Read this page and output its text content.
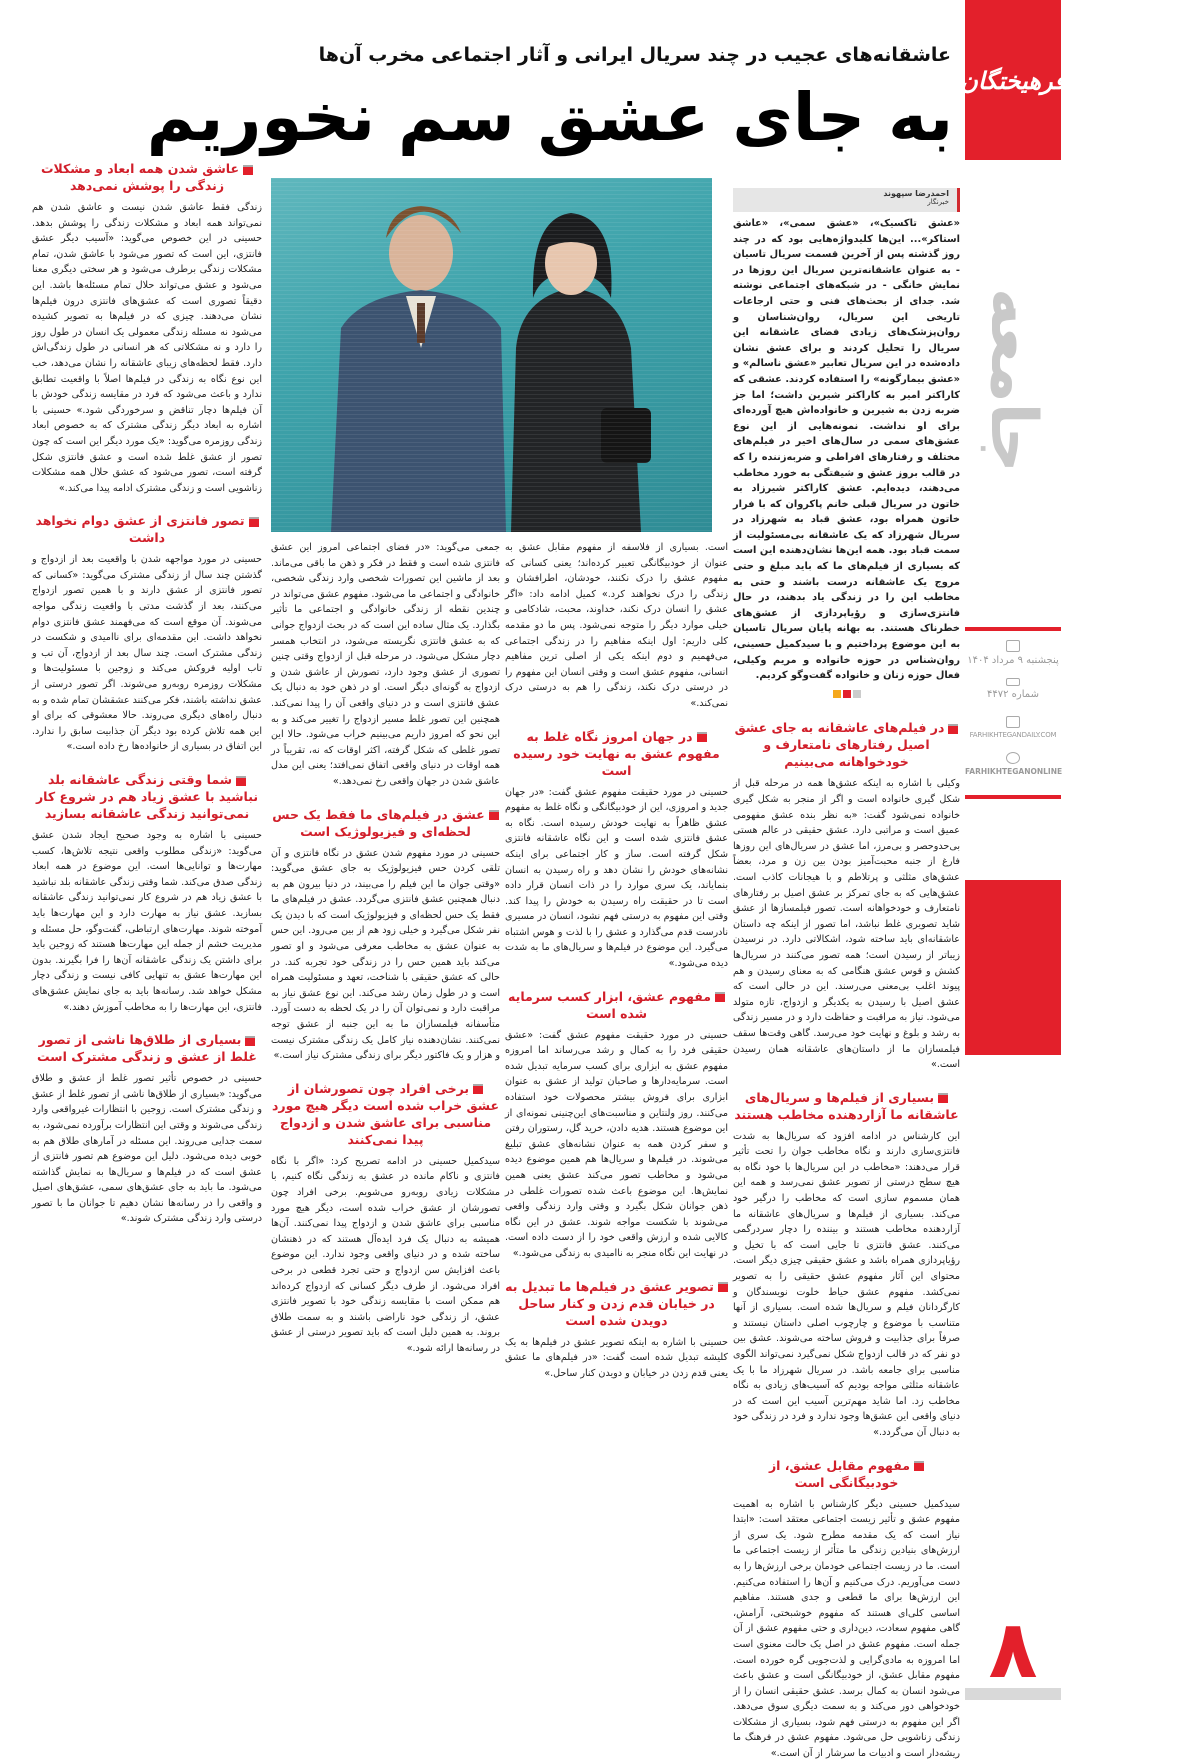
فرهیختگان
جامعه
پنجشنبه ۹ مرداد ۱۴۰۴
شماره ۴۴۷۲
FARHIKHTEGANDAILY.COM
FARHIKHTEGANONLINE
۸
عاشقانه‌های عجیب در چند سریال ایرانی و آثار اجتماعی مخرب آن‌ها
به جای عشق سم نخوریم
احمدرضا سپهوند
خبرنگار

«عشق تاکسیک»، «عشق سمی»، «عاشق استاکر»... این‌ها کلیدواژه‌هایی بود که در چند روز گذشته پس از آخرین قسمت سریال تاسیان - به عنوان عاشقانه‌ترین سریال این روزها در نمایش خانگی - در شبکه‌های اجتماعی نوشته شد. جدای از بحث‌های فنی و حتی ارجاعات تاریخی این سریال، روان‌شناسان و روان‌پزشک‌های زیادی فضای عاشقانه این سریال را تحلیل کردند و برای عشق نشان داده‌شده در این سریال تعابیر «عشق ناسالم» و «عشق بیمارگونه» را استفاده کردند. عشقی که کاراکتر امیر به کاراکتر شیرین داشت؛ اما جز ضربه زدن به شیرین و خانواده‌اش هیچ آورده‌ای برای او نداشت. نمونه‌هایی از این نوع عشق‌های سمی در سال‌های اخیر در فیلم‌های مختلف و رفتارهای افراطی و ضربه‌زننده را که در قالب بروز عشق و شیفتگی به خورد مخاطب می‌دهند، دیده‌ایم. عشق کاراکتر شیرزاد به خاتون در سریال قبلی خانم پاکروان که با فرار خاتون همراه بود، عشق قباد به شهرزاد در سریال شهرزاد که یک عاشقانه بی‌مسئولیت از سمت قباد بود. همه این‌ها نشان‌دهنده این است که بسیاری از فیلم‌های ما که باید مبلغ و حتی مروج یک عاشقانه درست باشند و حتی به مخاطب این را در زندگی یاد بدهند، در حال فانتزی‌سازی و رؤیاپردازی از عشق‌های خطرناک هستند. به بهانه پایان سریال تاسیان به این موضوع پرداختیم و با سیدکمیل حسینی، روان‌شناس در حوزه خانواده و مریم وکیلی، فعال حوزه زنان و خانواده گفت‌وگو کردیم.

در فیلم‌های عاشقانه به جای عشق اصیل رفتارهای نامتعارف و خودخواهانه می‌بینیم

وکیلی با اشاره به اینکه عشق‌ها همه در مرحله قبل از شکل گیری خانواده است و اگر از منجر به شکل گیری خانواده نمی‌شود گفت: «به نظر بنده عشق مفهومی عمیق است و مراتبی دارد. عشق حقیقی در عالم هستی بی‌حدوحصر و بی‌مرز، اما عشق در سریال‌های این روزها فارغ از جنبه محبت‌آمیز بودن بین زن و مرد، بعضاً عشق‌های مثلثی و پرتلاطم و با هیجانات کاذب است. عشق‌هایی که به جای تمرکز بر عشق اصیل بر رفتارهای نامتعارف و خودخواهانه است. تصور فیلمسازها از عشق شاید تصویری غلط نباشد، اما تصور از اینکه چه داستان عاشقانه‌ای باید ساخته شود، اشکالاتی دارد. در نرسیدن زیباتر از رسیدن است؛ همه تصور می‌کنند در سریال‌ها کشش و قوس عشق هنگامی که به معنای رسیدن و هم پیوند اغلب بی‌معنی می‌رسند. این در حالی است که عشق اصیل با رسیدن به یکدیگر و ازدواج، تازه متولد می‌شود. نیاز به مراقبت و حفاظت دارد و در مسیر زندگی به رشد و بلوغ و نهایت خود می‌رسد. گاهی وقت‌ها سقف فیلمسازان ما از داستان‌های عاشقانه همان رسیدن است.»

بسیاری از فیلم‌ها و سریال‌های عاشقانه ما آزاردهنده مخاطب هستند

این کارشناس در ادامه افزود که سریال‌ها به شدت فانتزی‌سازی دارند و نگاه مخاطب جوان را تحت تأثیر قرار می‌دهند: «مخاطب در این سریال‌ها با خود نگاه به هیچ سطح درستی از تصویر عشق نمی‌رسد و همه این همان مسموم سازی است که مخاطب را درگیر خود می‌کند. بسیاری از فیلم‌ها و سریال‌های عاشقانه ما آزاردهنده مخاطب هستند و بیننده را دچار سردرگمی می‌کنند. عشق فانتزی تا جایی است که با تخیل و رؤیاپردازی همراه باشد و عشق حقیقی چیزی دیگر است. محتوای این آثار مفهوم عشق حقیقی را به تصویر نمی‌کشد. مفهوم عشق حیاط خلوت نویسندگان و کارگردانان فیلم و سریال‌ها شده است. بسیاری از آنها متناسب با موضوع و چارچوب اصلی داستان نیستند و صرفاً برای جذابیت و فروش ساخته می‌شوند. عشق بین دو نفر که در قالب ازدواج شکل نمی‌گیرد نمی‌تواند الگوی مناسبی برای جامعه باشد. در سریال شهرزاد ما با یک عاشقانه مثلثی مواجه بودیم که آسیب‌های زیادی به نگاه مخاطب زد. اما شاید مهم‌ترین آسیب این است که در دنیای واقعی این عشق‌ها وجود ندارد و فرد در زندگی خود به دنبال آن می‌گردد.»

مفهوم مقابل عشق، از خودبیگانگی است

سیدکمیل حسینی دیگر کارشناس با اشاره به اهمیت مفهوم عشق و تأثیر زیست اجتماعی معتقد است: «ابتدا نیاز است که یک مقدمه مطرح شود. یک سری از ارزش‌های بنیادین زندگی ما متأثر از زیست اجتماعی ما است. ما در زیست اجتماعی خودمان برخی ارزش‌ها را به دست می‌آوریم. درک می‌کنیم و آن‌ها را استفاده می‌کنیم. این ارزش‌ها برای ما قطعی و جدی هستند. مفاهیم اساسی کلی‌ای هستند که مفهوم خوشبختی، آرامش، گاهی مفهوم سعادت، دین‌داری و حتی مفهوم عشق از آن جمله است. مفهوم عشق در اصل یک حالت معنوی است اما امروزه به مادی‌گرایی و لذت‌جویی گره خورده است. مفهوم مقابل عشق، از خودبیگانگی است و عشق باعث می‌شود انسان به کمال برسد. عشق حقیقی انسان را از خودخواهی دور می‌کند و به سمت دیگری سوق می‌دهد. اگر این مفهوم به درستی فهم شود، بسیاری از مشکلات زندگی زناشویی حل می‌شود. مفهوم عشق در فرهنگ ما ریشه‌دار است و ادبیات ما سرشار از آن است.»

است. بسیاری از فلاسفه از مفهوم مقابل عشق به عنوان از خودبیگانگی تعبیر کرده‌اند؛ یعنی کسانی که مفهوم عشق را درک نکنند، خودشان، اطرافشان و زندگی را درک نخواهند کرد.» کمیل ادامه داد: «اگر عشق را انسان درک نکند، خداوند، محبت، شادکامی و خیلی موارد دیگر را متوجه نمی‌شود. پس ما دو مقدمه کلی داریم: اول اینکه مفاهیم را در زندگی اجتماعی می‌فهمیم و دوم اینکه یکی از اصلی ترین مفاهیم انسانی، مفهوم عشق است و وقتی انسان این مفهوم را در درستی درک نکند، زندگی را هم به درستی درک نمی‌کند.»

در جهان امروز نگاه غلط به مفهوم عشق به نهایت خود رسیده است

حسینی در مورد حقیقت مفهوم عشق گفت: «در جهان جدید و امروزی، این از خودبیگانگی و نگاه غلط به مفهوم عشق ظاهراً به نهایت خودش رسیده است. نگاه به عشق فانتزی شده است و این نگاه عاشقانه فانتزی شکل گرفته است. ساز و کار اجتماعی برای اینکه نشانه‌های خودش را نشان دهد و راه رسیدن به انسان بنمایاند، یک سری موارد را در ذات انسان قرار داده است تا در حقیقت راه رسیدن به خودش را پیدا کند. وقتی این مفهوم به درستی فهم نشود، انسان در مسیری نادرست قدم می‌گذارد و عشق را با لذت و هوس اشتباه می‌گیرد. این موضوع در فیلم‌ها و سریال‌های ما به شدت دیده می‌شود.»

مفهوم عشق، ابزار کسب سرمایه شده است

حسینی در مورد حقیقت مفهوم عشق گفت: «عشق حقیقی فرد را به کمال و رشد می‌رساند اما امروزه مفهوم عشق به ابزاری برای کسب سرمایه تبدیل شده است. سرمایه‌دارها و صاحبان تولید از عشق به عنوان ابزاری برای فروش بیشتر محصولات خود استفاده می‌کنند. روز ولنتاین و مناسبت‌های این‌چنینی نمونه‌ای از این موضوع هستند. هدیه دادن، خرید گل، رستوران رفتن و سفر کردن همه به عنوان نشانه‌های عشق تبلیغ می‌شوند. در فیلم‌ها و سریال‌ها هم همین موضوع دیده می‌شود و مخاطب تصور می‌کند عشق یعنی همین نمایش‌ها. این موضوع باعث شده تصورات غلطی در ذهن جوانان شکل بگیرد و وقتی وارد زندگی واقعی می‌شوند با شکست مواجه شوند. عشق در این نگاه کالایی شده و ارزش واقعی خود را از دست داده است. در نهایت این نگاه منجر به ناامیدی به زندگی می‌شود.»

تصویر عشق در فیلم‌ها ما تبدیل به در خیابان قدم زدن و کنار ساحل دویدن شده است

حسینی با اشاره به اینکه تصویر عشق در فیلم‌ها به یک کلیشه تبدیل شده است گفت: «در فیلم‌های ما عشق یعنی قدم زدن در خیابان و دویدن کنار ساحل.»

جمعی می‌گوید: «در فضای اجتماعی امروز این عشق فانتزی شده است و فقط در فکر و ذهن ما باقی می‌ماند. بعد از ماشین این تصورات شخصی وارد زندگی شخصی، خانوادگی و اجتماعی ما می‌شود. مفهوم عشق می‌تواند در چندین نقطه از زندگی خانوادگی و اجتماعی ما تأثیر بگذارد. یک مثال ساده این است که در بحث ازدواج جوانی که به عشق فانتزی نگریسته می‌شود، در انتخاب همسر دچار مشکل می‌شود. در مرحله قبل از ازدواج وقتی چنین تصوری از عشق وجود دارد، تصورش از عاشق شدن و ازدواج به گونه‌ای دیگر است. او در ذهن خود به دنبال یک عشق فانتزی است و در دنیای واقعی آن را پیدا نمی‌کند. همچنین این تصور غلط مسیر ازدواج را تغییر می‌کند و به این نحو که امروز داریم می‌بینیم خراب می‌شود. حالا این تصور غلطی که شکل گرفته، اکثر اوقات که نه، تقریباً در همه اوقات در دنیای واقعی اتفاق نمی‌افتد؛ یعنی این مدل عاشق شدن در جهان واقعی رخ نمی‌دهد.»

عشق در فیلم‌های ما فقط یک حس لحظه‌ای و فیزیولوژیک است

حسینی در مورد مفهوم شدن عشق در نگاه فانتزی و آن تلقی کردن حس فیزیولوژیک به جای عشق می‌گوید: «وقتی جوان ما این فیلم را می‌بیند، در دنیا بیرون هم به دنبال همچنین عشق فانتزی می‌گردد. عشق در فیلم‌های ما فقط یک حس لحظه‌ای و فیزیولوژیک است که با دیدن یک نفر شکل می‌گیرد و خیلی زود هم از بین می‌رود. این حس به عنوان عشق به مخاطب معرفی می‌شود و او تصور می‌کند باید همین حس را در زندگی خود تجربه کند. در حالی که عشق حقیقی با شناخت، تعهد و مسئولیت همراه است و در طول زمان رشد می‌کند. این نوع عشق نیاز به مراقبت دارد و نمی‌توان آن را در یک لحظه به دست آورد. متأسفانه فیلمسازان ما به این جنبه از عشق توجه نمی‌کنند. نشان‌دهنده نیاز کامل یک زندگی مشترک نیست و هزار و یک فاکتور دیگر برای زندگی مشترک نیاز است.»

برخی افراد چون تصورشان از عشق خراب شده است دیگر هیچ مورد مناسبی برای عاشق شدن و ازدواج پیدا نمی‌کنند

سیدکمیل حسینی در ادامه تصریح کرد: «اگر با نگاه فانتزی و ناکام مانده در عشق به زندگی نگاه کنیم، با مشکلات زیادی روبه‌رو می‌شویم. برخی افراد چون تصورشان از عشق خراب شده است، دیگر هیچ مورد مناسبی برای عاشق شدن و ازدواج پیدا نمی‌کنند. آن‌ها همیشه به دنبال یک فرد ایده‌آل هستند که در ذهنشان ساخته شده و در دنیای واقعی وجود ندارد. این موضوع باعث افزایش سن ازدواج و حتی تجرد قطعی در برخی افراد می‌شود. از طرف دیگر کسانی که ازدواج کرده‌اند هم ممکن است با مقایسه زندگی خود با تصویر فانتزی عشق، از زندگی خود ناراضی باشند و به سمت طلاق بروند. به همین دلیل است که باید تصویر درستی از عشق در رسانه‌ها ارائه شود.»

عاشق شدن همه ابعاد و مشکلات زندگی را پوشش نمی‌دهد

زندگی فقط عاشق شدن نیست و عاشق شدن هم نمی‌تواند همه ابعاد و مشکلات زندگی را پوشش بدهد. حسینی در این خصوص می‌گوید: «آسیب دیگر عشق فانتزی، این است که تصور می‌شود با عاشق شدن، تمام مشکلات زندگی برطرف می‌شود و هر سختی دیگری معنا می‌شود و عشق می‌تواند حلال تمام مسئله‌ها باشد. این دقیقاً تصوری است که عشق‌های فانتزی درون فیلم‌ها نشان می‌دهند. چیزی که در فیلم‌ها به تصویر کشیده می‌شود نه مسئله زندگی معمولی یک انسان در طول روز را دارد و نه مشکلاتی که هر انسانی در طول زندگی‌اش دارد. فقط لحظه‌های زیبای عاشقانه را نشان می‌دهد، خب این نوع نگاه به زندگی در فیلم‌ها اصلاً با واقعیت تطابق ندارد و باعث می‌شود که فرد در مقایسه زندگی خودش با آن فیلم‌ها دچار تناقض و سرخوردگی شود.» حسینی با اشاره به ابعاد دیگر زندگی مشترک که به خصوص ابعاد زندگی روزمره می‌گوید: «یک مورد دیگر این است که چون تصور از عشق غلط شده است و عشق فانتزی شکل گرفته است، تصور می‌شود که عشق حلال همه مشکلات زناشویی است و زندگی مشترک ادامه پیدا می‌کند.»

تصور فانتزی از عشق دوام نخواهد داشت

حسینی در مورد مواجهه شدن با واقعیت بعد از ازدواج و گذشتن چند سال از زندگی مشترک می‌گوید: «کسانی که تصور فانتزی از عشق دارند و با همین تصور ازدواج می‌کنند، بعد از گذشت مدتی با واقعیت زندگی مواجه می‌شوند. آن موقع است که می‌فهمند عشق فانتزی دوام نخواهد داشت. این مقدمه‌ای برای ناامیدی و شکست در زندگی مشترک است. چند سال بعد از ازدواج، آن تب و تاب اولیه فروکش می‌کند و زوجین با مسئولیت‌ها و مشکلات روزمره روبه‌رو می‌شوند. اگر تصور درستی از عشق نداشته باشند، فکر می‌کنند عشقشان تمام شده و به دنبال راه‌های دیگری می‌روند. حالا معشوقی که برای او این همه تلاش کرده بود دیگر آن جذابیت سابق را ندارد. این اتفاق در بسیاری از خانواده‌ها رخ داده است.»

شما وقتی زندگی عاشقانه بلد نباشید با عشق زیاد هم در شروع کار نمی‌توانید زندگی عاشقانه بسازید

حسینی با اشاره به وجود صحیح ایجاد شدن عشق می‌گوید: «زندگی مطلوب واقعی نتیجه تلاش‌ها، کسب مهارت‌ها و توانایی‌ها است. این موضوع در همه ابعاد زندگی صدق می‌کند. شما وقتی زندگی عاشقانه بلد نباشید با عشق زیاد هم در شروع کار نمی‌توانید زندگی عاشقانه بسازید. عشق نیاز به مهارت دارد و این مهارت‌ها باید آموخته شوند. مهارت‌های ارتباطی، گفت‌وگو، حل مسئله و مدیریت خشم از جمله این مهارت‌ها هستند که زوجین باید برای داشتن یک زندگی عاشقانه آن‌ها را فرا بگیرند. بدون این مهارت‌ها عشق به تنهایی کافی نیست و زندگی دچار مشکل خواهد شد. رسانه‌ها باید به جای نمایش عشق‌های فانتزی، این مهارت‌ها را به مخاطب آموزش دهند.»

بسیاری از طلاق‌ها ناشی از تصور غلط از عشق و زندگی مشترک است

حسینی در خصوص تأثیر تصور غلط از عشق و طلاق می‌گوید: «بسیاری از طلاق‌ها ناشی از تصور غلط از عشق و زندگی مشترک است. زوجین با انتظارات غیرواقعی وارد زندگی می‌شوند و وقتی این انتظارات برآورده نمی‌شود، به سمت جدایی می‌روند. این مسئله در آمارهای طلاق هم به خوبی دیده می‌شود. دلیل این موضوع هم تصور فانتزی از عشق است که در فیلم‌ها و سریال‌ها به نمایش گذاشته می‌شود. ما باید به جای عشق‌های سمی، عشق‌های اصیل و واقعی را در رسانه‌ها نشان دهیم تا جوانان ما با تصور درستی وارد زندگی مشترک شوند.»
